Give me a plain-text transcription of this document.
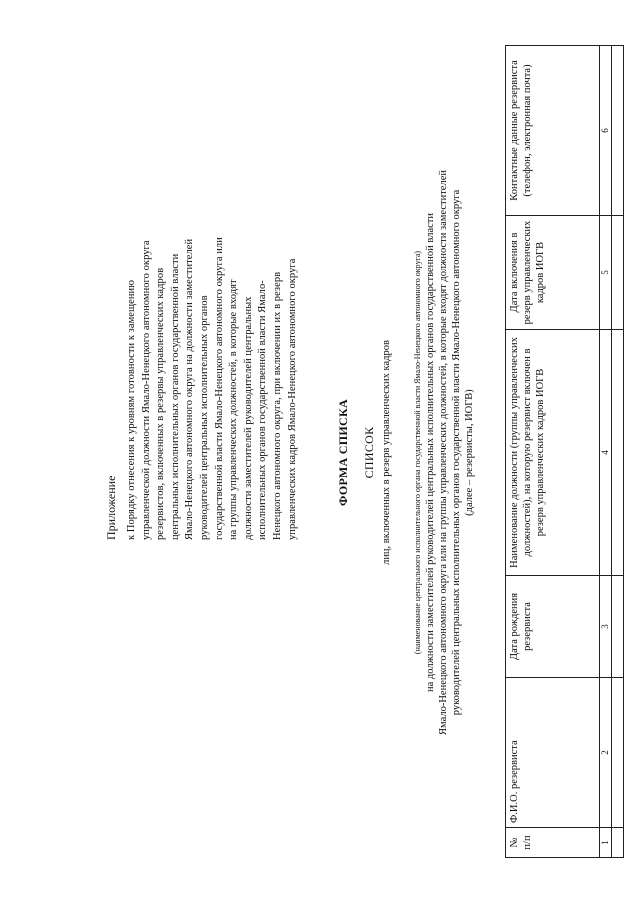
Приложение к Порядку отнесения к уровням готовности к замещению управленческой должности Ямало-Ненецкого автономного округа резервистов, включенных в резервы управленческих кадров центральных исполнительных органов государственной власти Ямало-Ненецкого автономного округа на должности заместителей руководителей центральных исполнительных органов государственной власти Ямало-Ненецкого автономного округа или на группы управленческих должностей, в которые входят должности заместителей руководителей центральных исполнительных органов государственной власти Ямало- Ненецкого автономного округа, при включении их в резерв управленческих кадров Ямало-Ненецкого автономного округа	ФОРМА СПИСКА СПИСОК лиц, включенных в резерв управленческих кадров	(наименование центрального исполнительного органа государственной власти Ямало-Ненецкого автономного округа) на должности заместителей руководителей центральных исполнительных органов государственной власти Ямало-Ненецкого автономного округа или на группы управленческих должностей, в которые входят должности заместителей руководителей центральных исполнительных органов государственной власти Ямало-Ненецкого автономного округа (далее – резервисты, ИОГВ)
№ п/п	Ф.И.О. резервиста	Дата рождения резервиста	Наименование должности (группы управленческих должностей), на которую резервист включен в резерв управленческих кадров ИОГВ	Дата включения в резерв управленческих кадров ИОГВ	Контактные данные резервиста (телефон, электронная почта)
1	2	3	4	5	6
